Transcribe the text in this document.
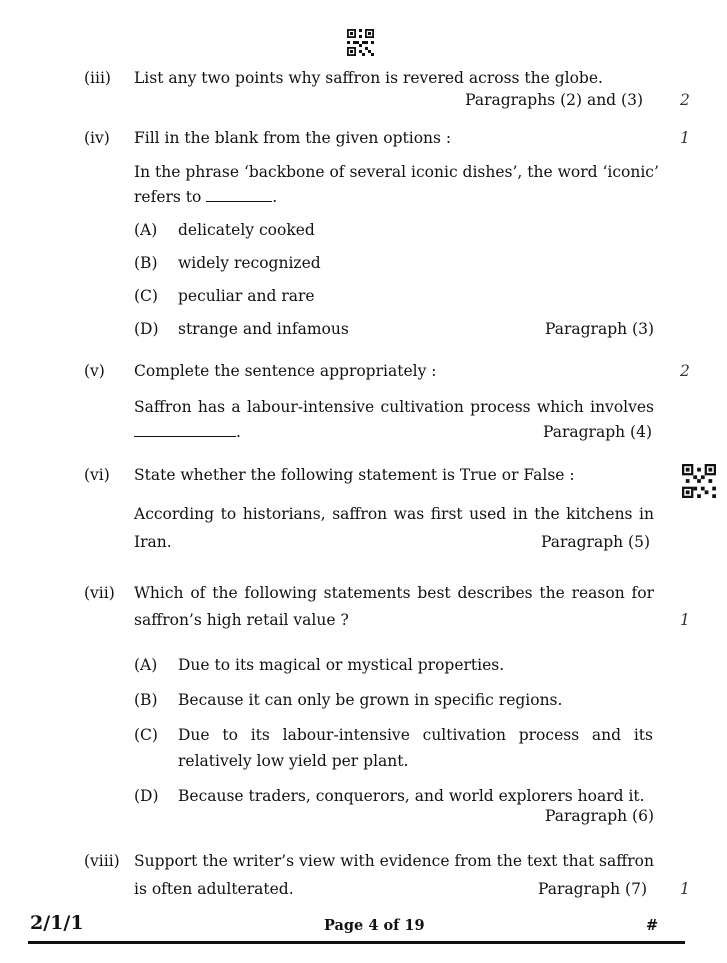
(iii) List any two points why saffron is revered across the globe.
Paragraphs (2) and (3) 2
(iv) Fill in the blank from the given options :	1
In the phrase ‘backbone of several iconic dishes’, the word ‘iconic’
refers to	.
(A) delicately cooked
(B) widely recognized
(C) peculiar and rare
(D) strange and infamous	Paragraph (3)
(v) Complete the sentence appropriately :	2
Saffron has a labour-intensive cultivation process which involves
.	Paragraph (4)
(vi) State whether the following statement is True or False :
According to historians, saffron was first used in the kitchens in
Iran.	Paragraph (5)
(vii) Which of the following statements best describes the reason for
saffron’s high retail value ?	1
(A) Due to its magical or mystical properties.
(B) Because it can only be grown in specific regions.
(C) Due to its labour-intensive cultivation process and its
relatively low yield per plant.
(D) Because traders, conquerors, and world explorers hoard it.
Paragraph (6)
(viii) Support the writer’s view with evidence from the text that saffron
is often adulterated.	Paragraph (7) 1
2/1/1	Page 4 of 19	#
